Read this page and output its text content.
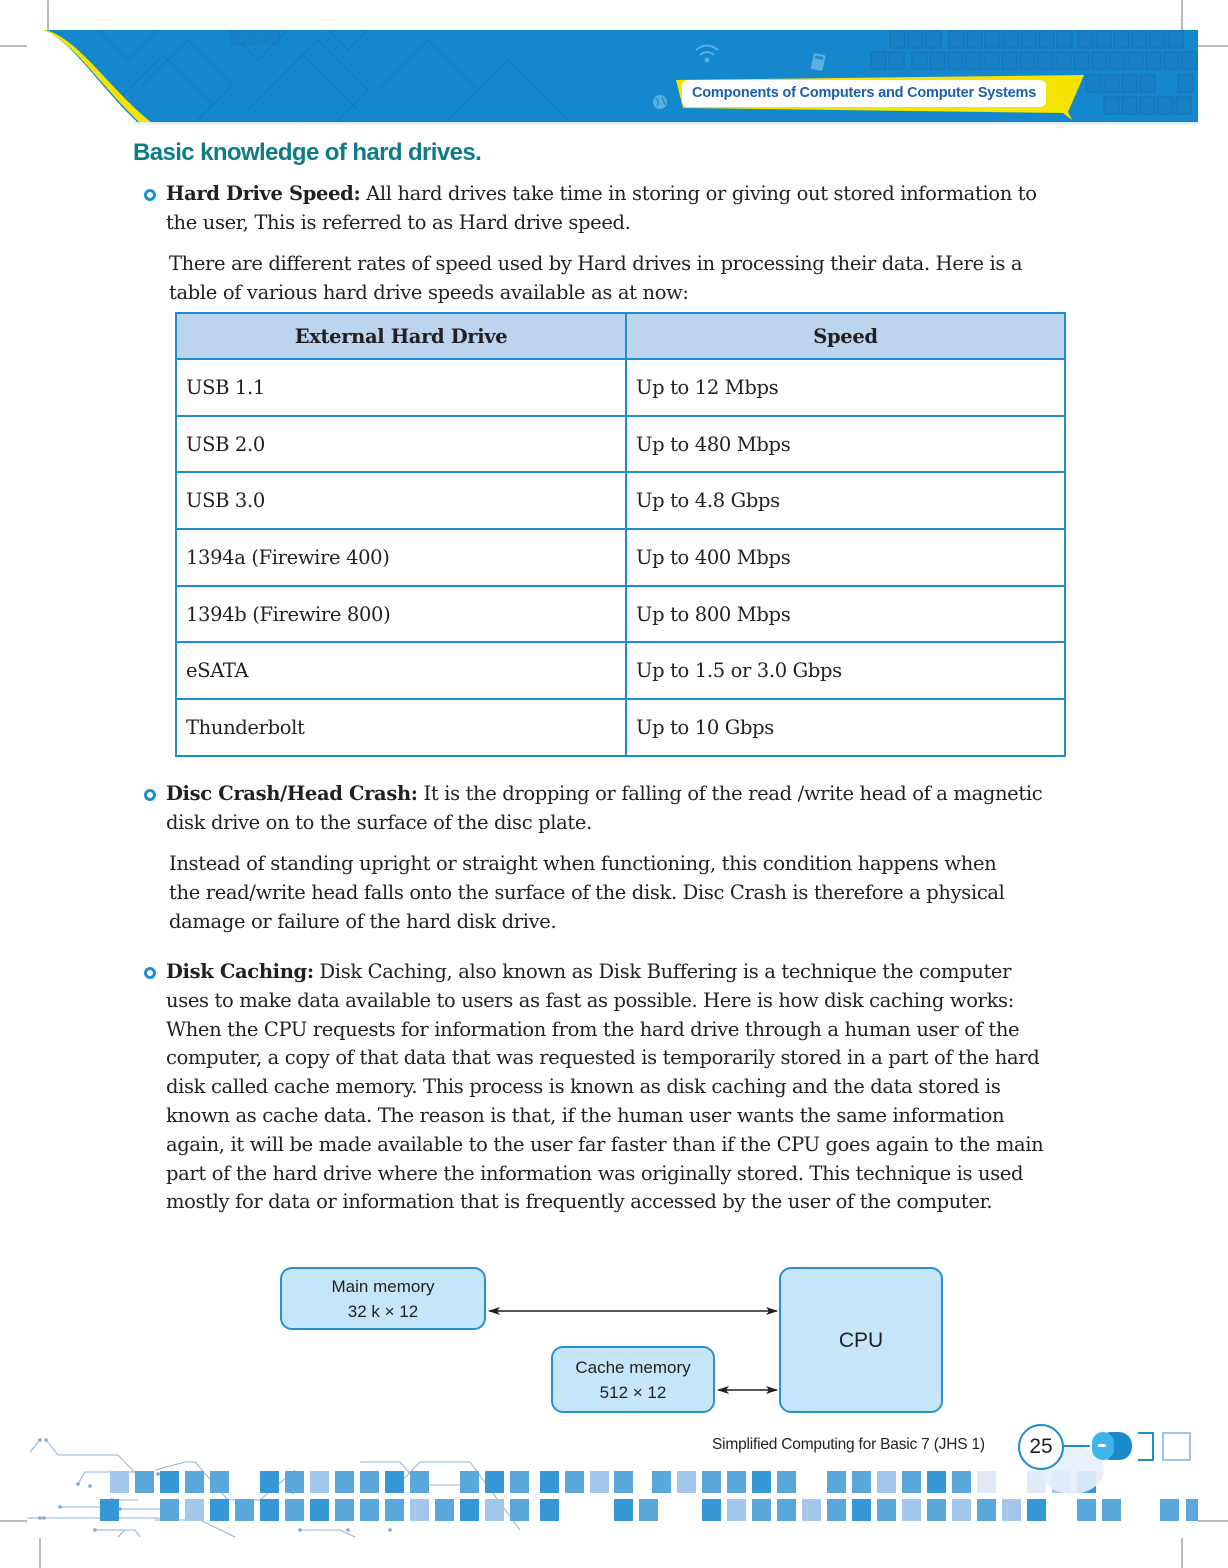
Components of Computers and Computer Systems
Basic knowledge of hard drives.
Hard Drive Speed: All hard drives take time in storing or giving out stored information to
the user, This is referred to as Hard drive speed.
There are different rates of speed used by Hard drives in processing their data. Here is a
table of various hard drive speeds available as at now:
External Hard Drive	Speed
USB 1.1	Up to 12 Mbps
USB 2.0	Up to 480 Mbps
USB 3.0	Up to 4.8 Gbps
1394a (Firewire 400)	Up to 400 Mbps
1394b (Firewire 800)	Up to 800 Mbps
eSATA	Up to 1.5 or 3.0 Gbps
Thunderbolt	Up to 10 Gbps
Disc Crash/Head Crash: It is the dropping or falling of the read /write head of a magnetic
disk drive on to the surface of the disc plate.
Instead of standing upright or straight when functioning, this condition happens when
the read/write head falls onto the surface of the disk. Disc Crash is therefore a physical
damage or failure of the hard disk drive.
Disk Caching: Disk Caching, also known as Disk Buffering is a technique the computer
uses to make data available to users as fast as possible. Here is how disk caching works:
When the CPU requests for information from the hard drive through a human user of the
computer, a copy of that data that was requested is temporarily stored in a part of the hard
disk called cache memory. This process is known as disk caching and the data stored is
known as cache data. The reason is that, if the human user wants the same information
again, it will be made available to the user far faster than if the CPU goes again to the main
part of the hard drive where the information was originally stored. This technique is used
mostly for data or information that is frequently accessed by the user of the computer.
Main memory
32 k × 12
Cache memory
512 × 12
CPU
Simplified Computing for Basic 7 (JHS 1)	25
